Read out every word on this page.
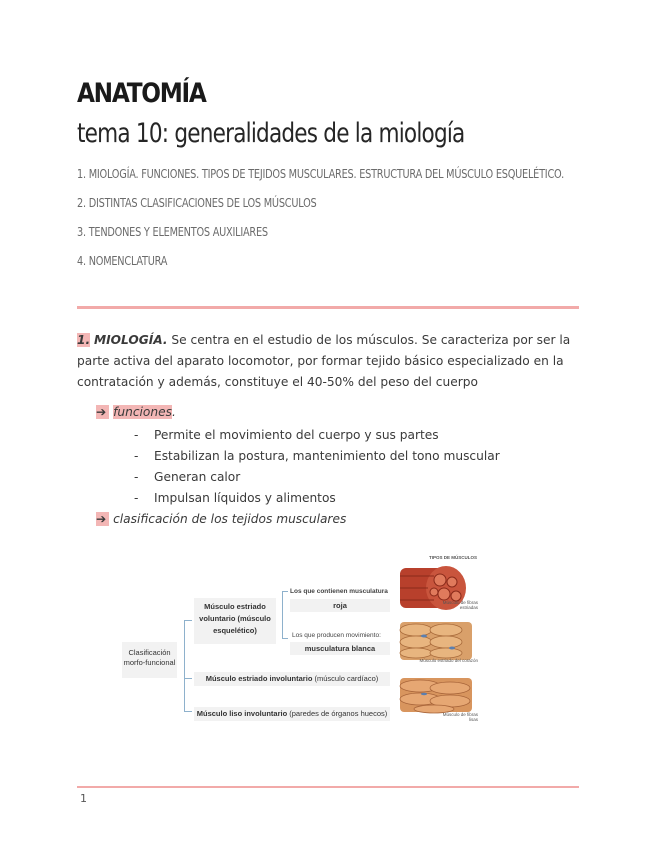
ANATOMÍA
tema 10: generalidades de la miología
1. MIOLOGÍA. FUNCIONES. TIPOS DE TEJIDOS MUSCULARES. ESTRUCTURA DEL MÚSCULO ESQUELÉTICO.
2. DISTINTAS CLASIFICACIONES DE LOS MÚSCULOS
3. TENDONES Y ELEMENTOS AUXILIARES
4. NOMENCLATURA
1. MIOLOGÍA. Se centra en el estudio de los músculos. Se caracteriza por ser la parte activa del aparato locomotor, por formar tejido básico especializado en la contratación y además, constituye el 40-50% del peso del cuerpo
➔ funciones.
- Permite el movimiento del cuerpo y sus partes
- Estabilizan la postura, mantenimiento del tono muscular
- Generan calor
- Impulsan líquidos y alimentos
➔ clasificación de los tejidos musculares
Clasificación
morfo-funcional
Músculo estriado
voluntario (músculo
esquelético)
Los que contienen musculatura
roja
Los que producen movimiento:
musculatura blanca
Músculo estriado involuntario (músculo cardíaco)
Músculo liso involuntario (paredes de órganos huecos)
TIPOS DE MÚSCULOS
Músculo de fibras estriadas
Músculo estriado del corazón
Músculo de fibras lisas
1
